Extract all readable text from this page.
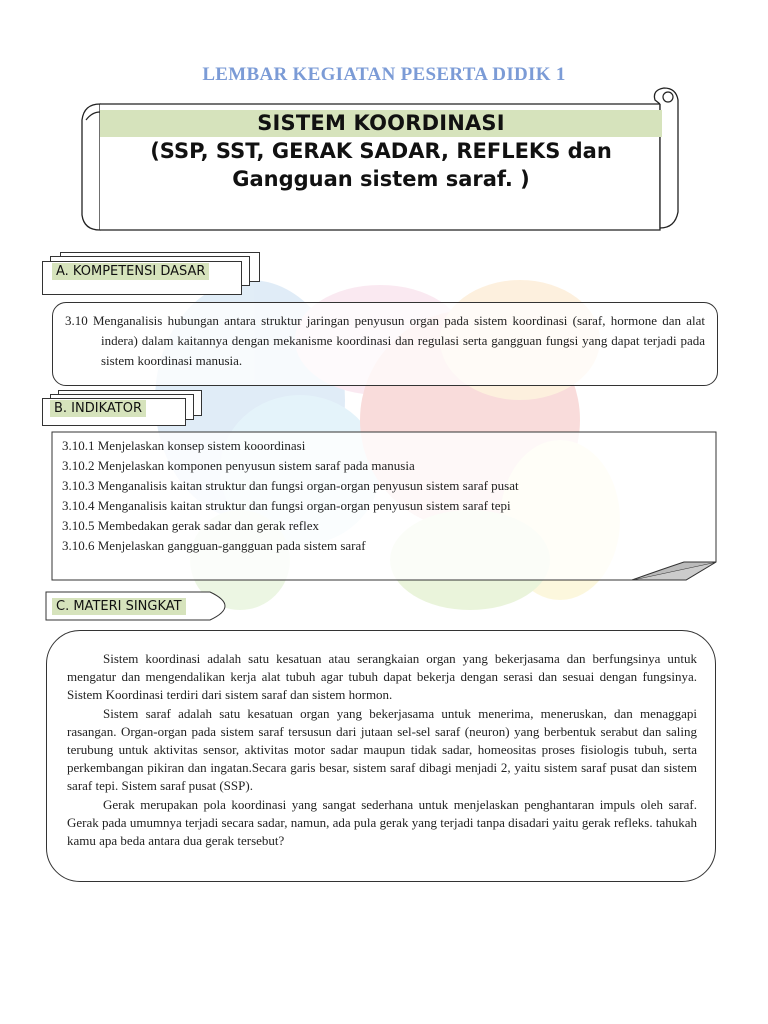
LEMBAR KEGIATAN PESERTA DIDIK 1
SISTEM KOORDINASI
(SSP, SST, GERAK SADAR, REFLEKS dan
Gangguan sistem saraf. )
A. KOMPETENSI DASAR

3.10 Menganalisis hubungan antara struktur jaringan penyusun organ pada sistem koordinasi (saraf, hormone dan alat indera) dalam kaitannya dengan mekanisme koordinasi dan regulasi serta gangguan fungsi yang dapat terjadi pada sistem koordinasi manusia.

B. INDIKATOR
3.10.1 Menjelaskan konsep sistem kooordinasi
3.10.2 Menjelaskan komponen penyusun sistem saraf pada manusia
3.10.3 Menganalisis kaitan struktur dan fungsi organ-organ penyusun sistem saraf pusat
3.10.4 Menganalisis kaitan struktur dan fungsi organ-organ penyusun sistem saraf tepi
3.10.5 Membedakan gerak sadar dan gerak reflex
3.10.6 Menjelaskan gangguan-gangguan pada sistem saraf
C. MATERI SINGKAT

Sistem koordinasi adalah satu kesatuan atau serangkaian organ yang bekerjasama dan berfungsinya untuk mengatur dan mengendalikan kerja alat tubuh agar tubuh dapat bekerja dengan serasi dan sesuai dengan fungsinya. Sistem Koordinasi terdiri dari sistem saraf dan sistem hormon.

Sistem saraf adalah satu kesatuan organ yang bekerjasama untuk menerima, meneruskan, dan menaggapi rasangan. Organ-organ pada sistem saraf tersusun dari jutaan sel-sel saraf (neuron) yang berbentuk serabut dan saling terubung untuk aktivitas sensor, aktivitas motor sadar maupun tidak sadar, homeositas proses fisiologis tubuh, serta perkembangan pikiran dan ingatan.Secara garis besar, sistem saraf dibagi menjadi 2, yaitu sistem saraf pusat dan sistem saraf tepi. Sistem saraf pusat (SSP).

Gerak merupakan pola koordinasi yang sangat sederhana untuk menjelaskan penghantaran impuls oleh saraf. Gerak pada umumnya terjadi secara sadar, namun, ada pula gerak yang terjadi tanpa disadari yaitu gerak refleks. tahukah kamu apa beda antara dua gerak tersebut?
